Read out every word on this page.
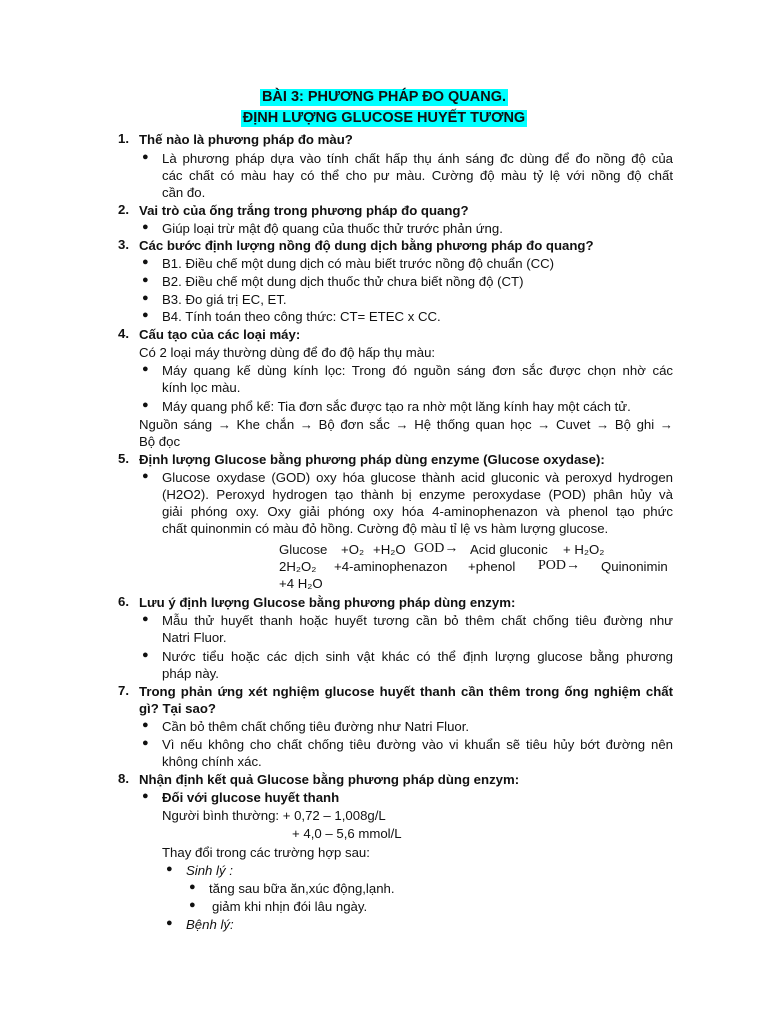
BÀI 3: PHƯƠNG PHÁP ĐO QUANG.
ĐỊNH LƯỢNG GLUCOSE HUYẾT TƯƠNG
1. Thế nào là phương pháp đo màu?
● Là phương pháp dựa vào tính chất hấp thụ ánh sáng đc dùng để đo nồng độ của
các chất có màu hay có thể cho pư màu. Cường độ màu tỷ lệ với nồng độ chất
cần đo.
2. Vai trò của ống trắng trong phương pháp đo quang?
● Giúp loại trừ mật độ quang của thuốc thử trước phản ứng.
3. Các bước định lượng nồng độ dung dịch bằng phương pháp đo quang?
● B1. Điều chế một dung dịch có màu biết trước nồng độ chuẩn (CC)
● B2. Điều chế một dung dịch thuốc thử chưa biết nồng độ (CT)
● B3. Đo giá trị EC, ET.
● B4. Tính toán theo công thức: CT= ETEC x CC.
4. Cấu tạo của các loại máy:
Có 2 loại máy thường dùng để đo độ hấp thụ màu:
● Máy quang kế dùng kính lọc: Trong đó nguồn sáng đơn sắc được chọn nhờ các
kính lọc màu.
● Máy quang phổ kế: Tia đơn sắc được tạo ra nhờ một lăng kính hay một cách tử.
Nguồn sáng → Khe chắn → Bộ đơn sắc → Hệ thống quan học → Cuvet → Bộ ghi →
Bộ đọc
5. Định lượng Glucose bằng phương pháp dùng enzyme (Glucose oxydase):
● Glucose oxydase (GOD) oxy hóa glucose thành acid gluconic và peroxyd hydrogen
(H2O2). Peroxyd hydrogen tạo thành bị enzyme peroxydase (POD) phân hủy và
giải phóng oxy. Oxy giải phóng oxy hóa 4-aminophenazon và phenol tạo phức
chất quinonmin có màu đỏ hồng. Cường độ màu tỉ lệ vs hàm lượng glucose.
Glucose +O₂ +H₂O GOD→ Acid gluconic + H₂O₂
2H₂O₂ +4-aminophenazon +phenol POD→ Quinonimin
+4 H₂O
6. Lưu ý định lượng Glucose bằng phương pháp dùng enzym:
● Mẫu thử huyết thanh hoặc huyết tương cần bỏ thêm chất chống tiêu đường như
Natri Fluor.
● Nước tiểu hoặc các dịch sinh vật khác có thể định lượng glucose bằng phương
pháp này.
7. Trong phản ứng xét nghiệm glucose huyết thanh cần thêm trong ống nghiệm chất
gì? Tại sao?
● Cần bỏ thêm chất chống tiêu đường như Natri Fluor.
● Vì nếu không cho chất chống tiêu đường vào vi khuẩn sẽ tiêu hủy bớt đường nên
không chính xác.
8. Nhận định kết quả Glucose bằng phương pháp dùng enzym:
● Đối với glucose huyết thanh
Người bình thường: + 0,72 – 1,008g/L
+ 4,0 – 5,6 mmol/L
Thay đổi trong các trường hợp sau:
● Sinh lý :
● tăng sau bữa ăn,xúc động,lạnh.
● giảm khi nhịn đói lâu ngày.
● Bệnh lý:
